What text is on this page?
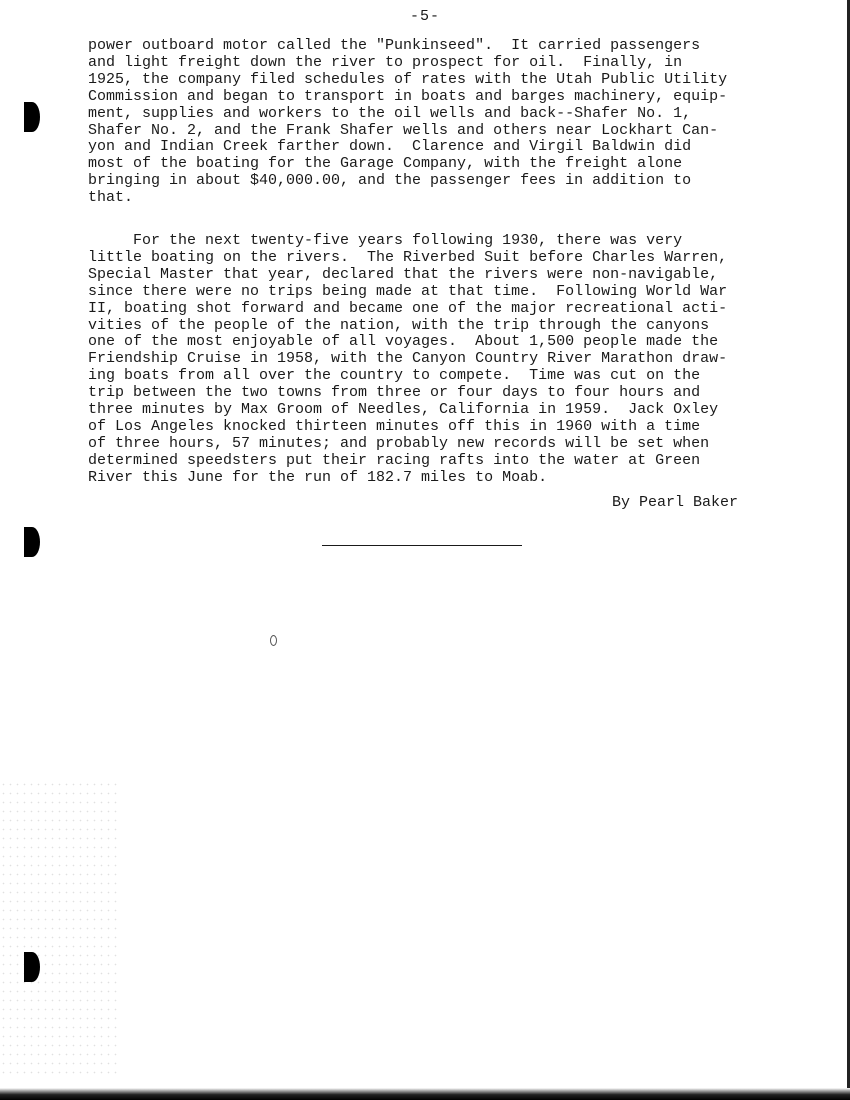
-5-
power outboard motor called the "Punkinseed".  It carried passengers
and light freight down the river to prospect for oil.  Finally, in
1925, the company filed schedules of rates with the Utah Public Utility
Commission and began to transport in boats and barges machinery, equip-
ment, supplies and workers to the oil wells and back--Shafer No. 1,
Shafer No. 2, and the Frank Shafer wells and others near Lockhart Can-
yon and Indian Creek farther down.  Clarence and Virgil Baldwin did
most of the boating for the Garage Company, with the freight alone
bringing in about $40,000.00, and the passenger fees in addition to
that.
For the next twenty-five years following 1930, there was very
little boating on the rivers.  The Riverbed Suit before Charles Warren,
Special Master that year, declared that the rivers were non-navigable,
since there were no trips being made at that time.  Following World War
II, boating shot forward and became one of the major recreational acti-
vities of the people of the nation, with the trip through the canyons
one of the most enjoyable of all voyages.  About 1,500 people made the
Friendship Cruise in 1958, with the Canyon Country River Marathon draw-
ing boats from all over the country to compete.  Time was cut on the
trip between the two towns from three or four days to four hours and
three minutes by Max Groom of Needles, California in 1959.  Jack Oxley
of Los Angeles knocked thirteen minutes off this in 1960 with a time
of three hours, 57 minutes; and probably new records will be set when
determined speedsters put their racing rafts into the water at Green
River this June for the run of 182.7 miles to Moab.
By Pearl Baker
